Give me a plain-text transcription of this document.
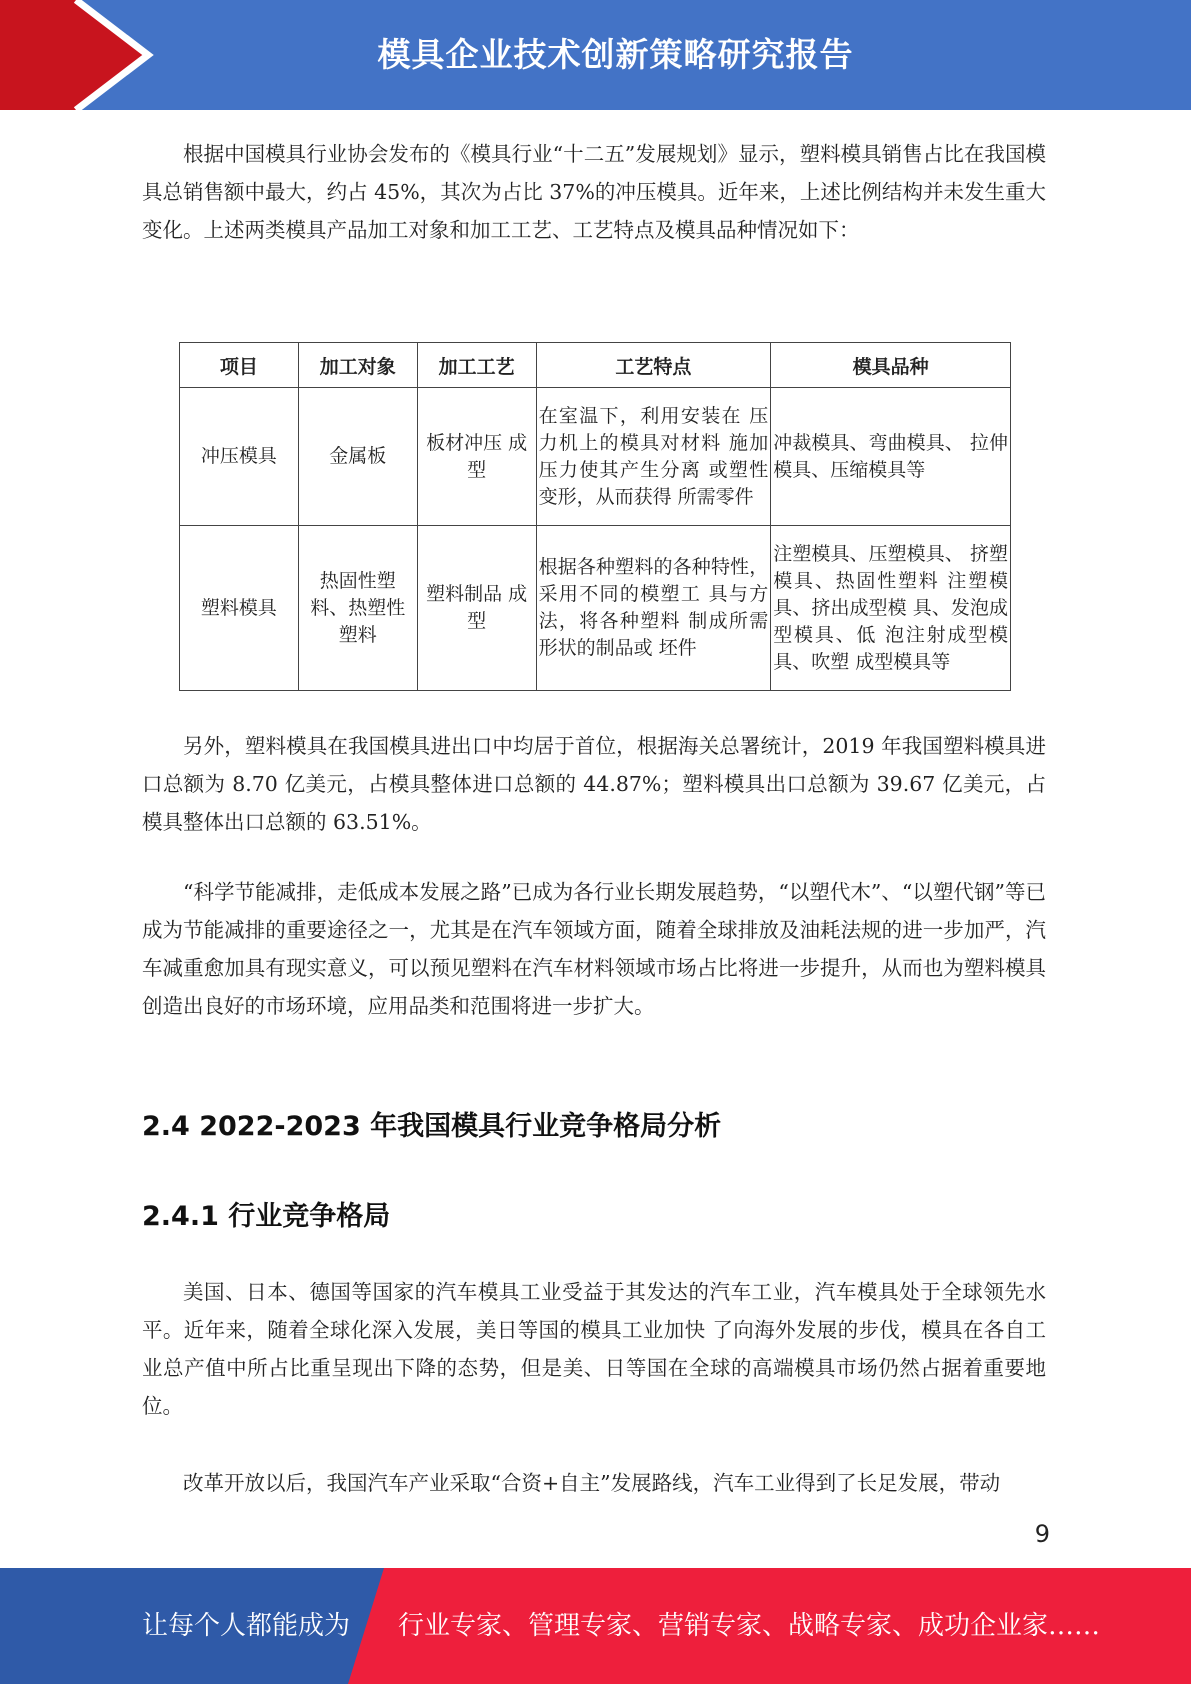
模具企业技术创新策略研究报告

根据中国模具行业协会发布的《模具行业“十二五”发展规划》显示，塑料模具销售占比在我国模具总销售额中最大，约占 45%，其次为占比 37%的冲压模具。近年来，上述比例结构并未发生重大变化。上述两类模具产品加工对象和加工工艺、工艺特点及模具品种情况如下：

项目	加工对象	加工工艺	工艺特点	模具品种
冲压模具	金属板	板材冲压 成型	在室温下，利用安装在 压力机上的模具对材料 施加压力使其产生分离 或塑性变形，从而获得 所需零件	冲裁模具、弯曲模具、 拉伸模具、压缩模具等
塑料模具	热固性塑料、热塑性塑料	塑料制品 成型	根据各种塑料的各种特性，采用不同的模塑工 具与方法，将各种塑料 制成所需形状的制品或 坯件	注塑模具、压塑模具、 挤塑模具、热固性塑料 注塑模具、挤出成型模 具、发泡成型模具、低 泡注射成型模具、吹塑 成型模具等

另外，塑料模具在我国模具进出口中均居于首位，根据海关总署统计，2019 年我国塑料模具进口总额为 8.70 亿美元，占模具整体进口总额的 44.87%；塑料模具出口总额为 39.67 亿美元，占模具整体出口总额的 63.51%。

“科学节能减排，走低成本发展之路”已成为各行业长期发展趋势，“以塑代木”、“以塑代钢”等已成为节能减排的重要途径之一，尤其是在汽车领域方面，随着全球排放及油耗法规的进一步加严，汽车减重愈加具有现实意义，可以预见塑料在汽车材料领域市场占比将进一步提升，从而也为塑料模具创造出良好的市场环境，应用品类和范围将进一步扩大。

2.4 2022-2023 年我国模具行业竞争格局分析
2.4.1 行业竞争格局

美国、日本、德国等国家的汽车模具工业受益于其发达的汽车工业，汽车模具处于全球领先水平。近年来，随着全球化深入发展，美日等国的模具工业加快 了向海外发展的步伐，模具在各自工业总产值中所占比重呈现出下降的态势，但是美、日等国在全球的高端模具市场仍然占据着重要地位。

改革开放以后，我国汽车产业采取“合资+自主”发展路线，汽车工业得到了长足发展，带动

9
让每个人都能成为 行业专家、管理专家、营销专家、战略专家、成功企业家……
